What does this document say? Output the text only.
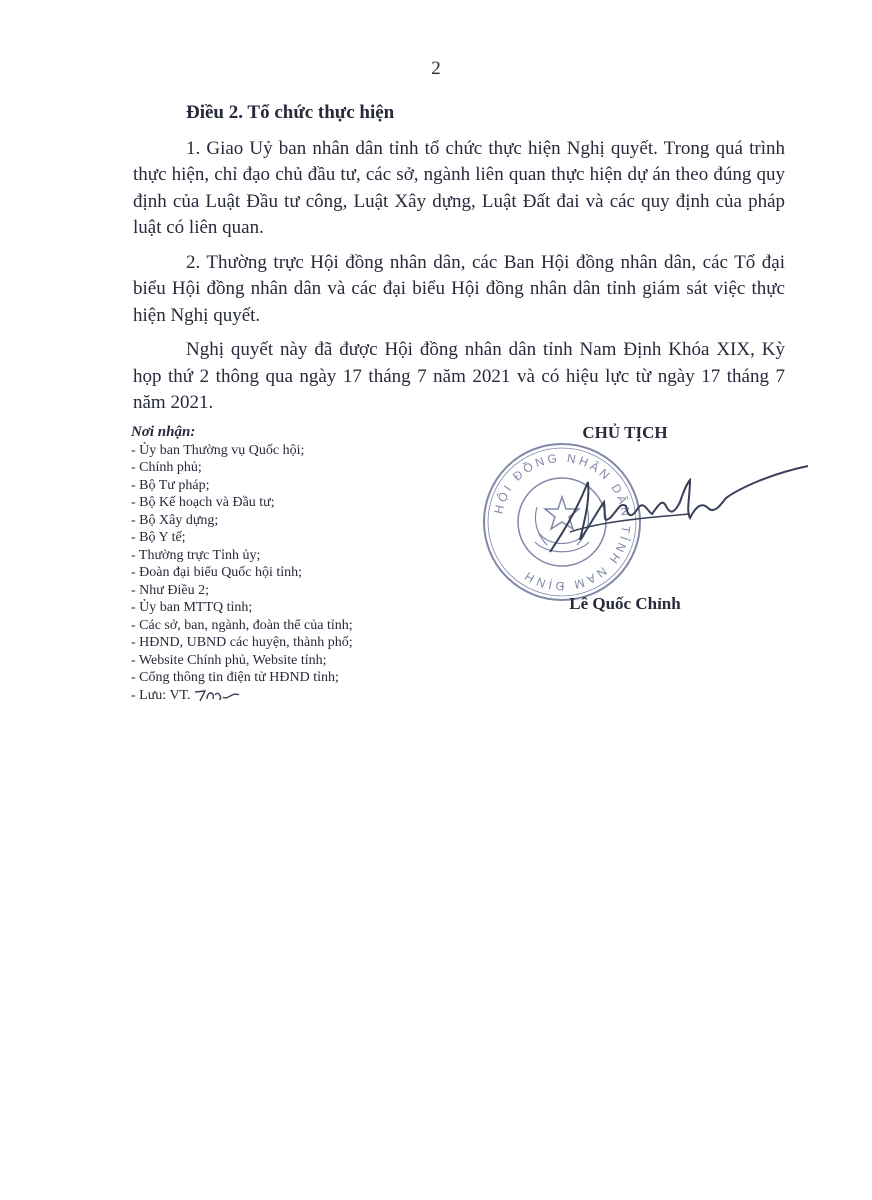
2

Điều 2. Tổ chức thực hiện

1. Giao Uỷ ban nhân dân tỉnh tổ chức thực hiện Nghị quyết. Trong quá trình thực hiện, chỉ đạo chủ đầu tư, các sở, ngành liên quan thực hiện dự án theo đúng quy định của Luật Đầu tư công, Luật Xây dựng, Luật Đất đai và các quy định của pháp luật có liên quan.

2. Thường trực Hội đồng nhân dân, các Ban Hội đồng nhân dân, các Tổ đại biểu Hội đồng nhân dân và các đại biểu Hội đồng nhân dân tỉnh giám sát việc thực hiện Nghị quyết.

Nghị quyết này đã được Hội đồng nhân dân tỉnh Nam Định Khóa XIX, Kỳ họp thứ 2 thông qua ngày 17 tháng 7 năm 2021 và có hiệu lực từ ngày 17 tháng 7 năm 2021.

Nơi nhận:
- Ủy ban Thường vụ Quốc hội;
- Chính phủ;
- Bộ Tư pháp;
- Bộ Kế hoạch và Đầu tư;
- Bộ Xây dựng;
- Bộ Y tế;
- Thường trực Tỉnh ủy;
- Đoàn đại biểu Quốc hội tỉnh;
- Như Điều 2;
- Ủy ban MTTQ tỉnh;
- Các sở, ban, ngành, đoàn thể của tỉnh;
- HĐND, UBND các huyện, thành phố;
- Website Chính phủ, Website tỉnh;
- Cổng thông tin điện tử HĐND tỉnh;
- Lưu: VT.
CHỦ TỊCH
HỘI ĐỒNG NHÂN DÂN TỈNH NAM ĐỊNH
Lê Quốc Chỉnh
